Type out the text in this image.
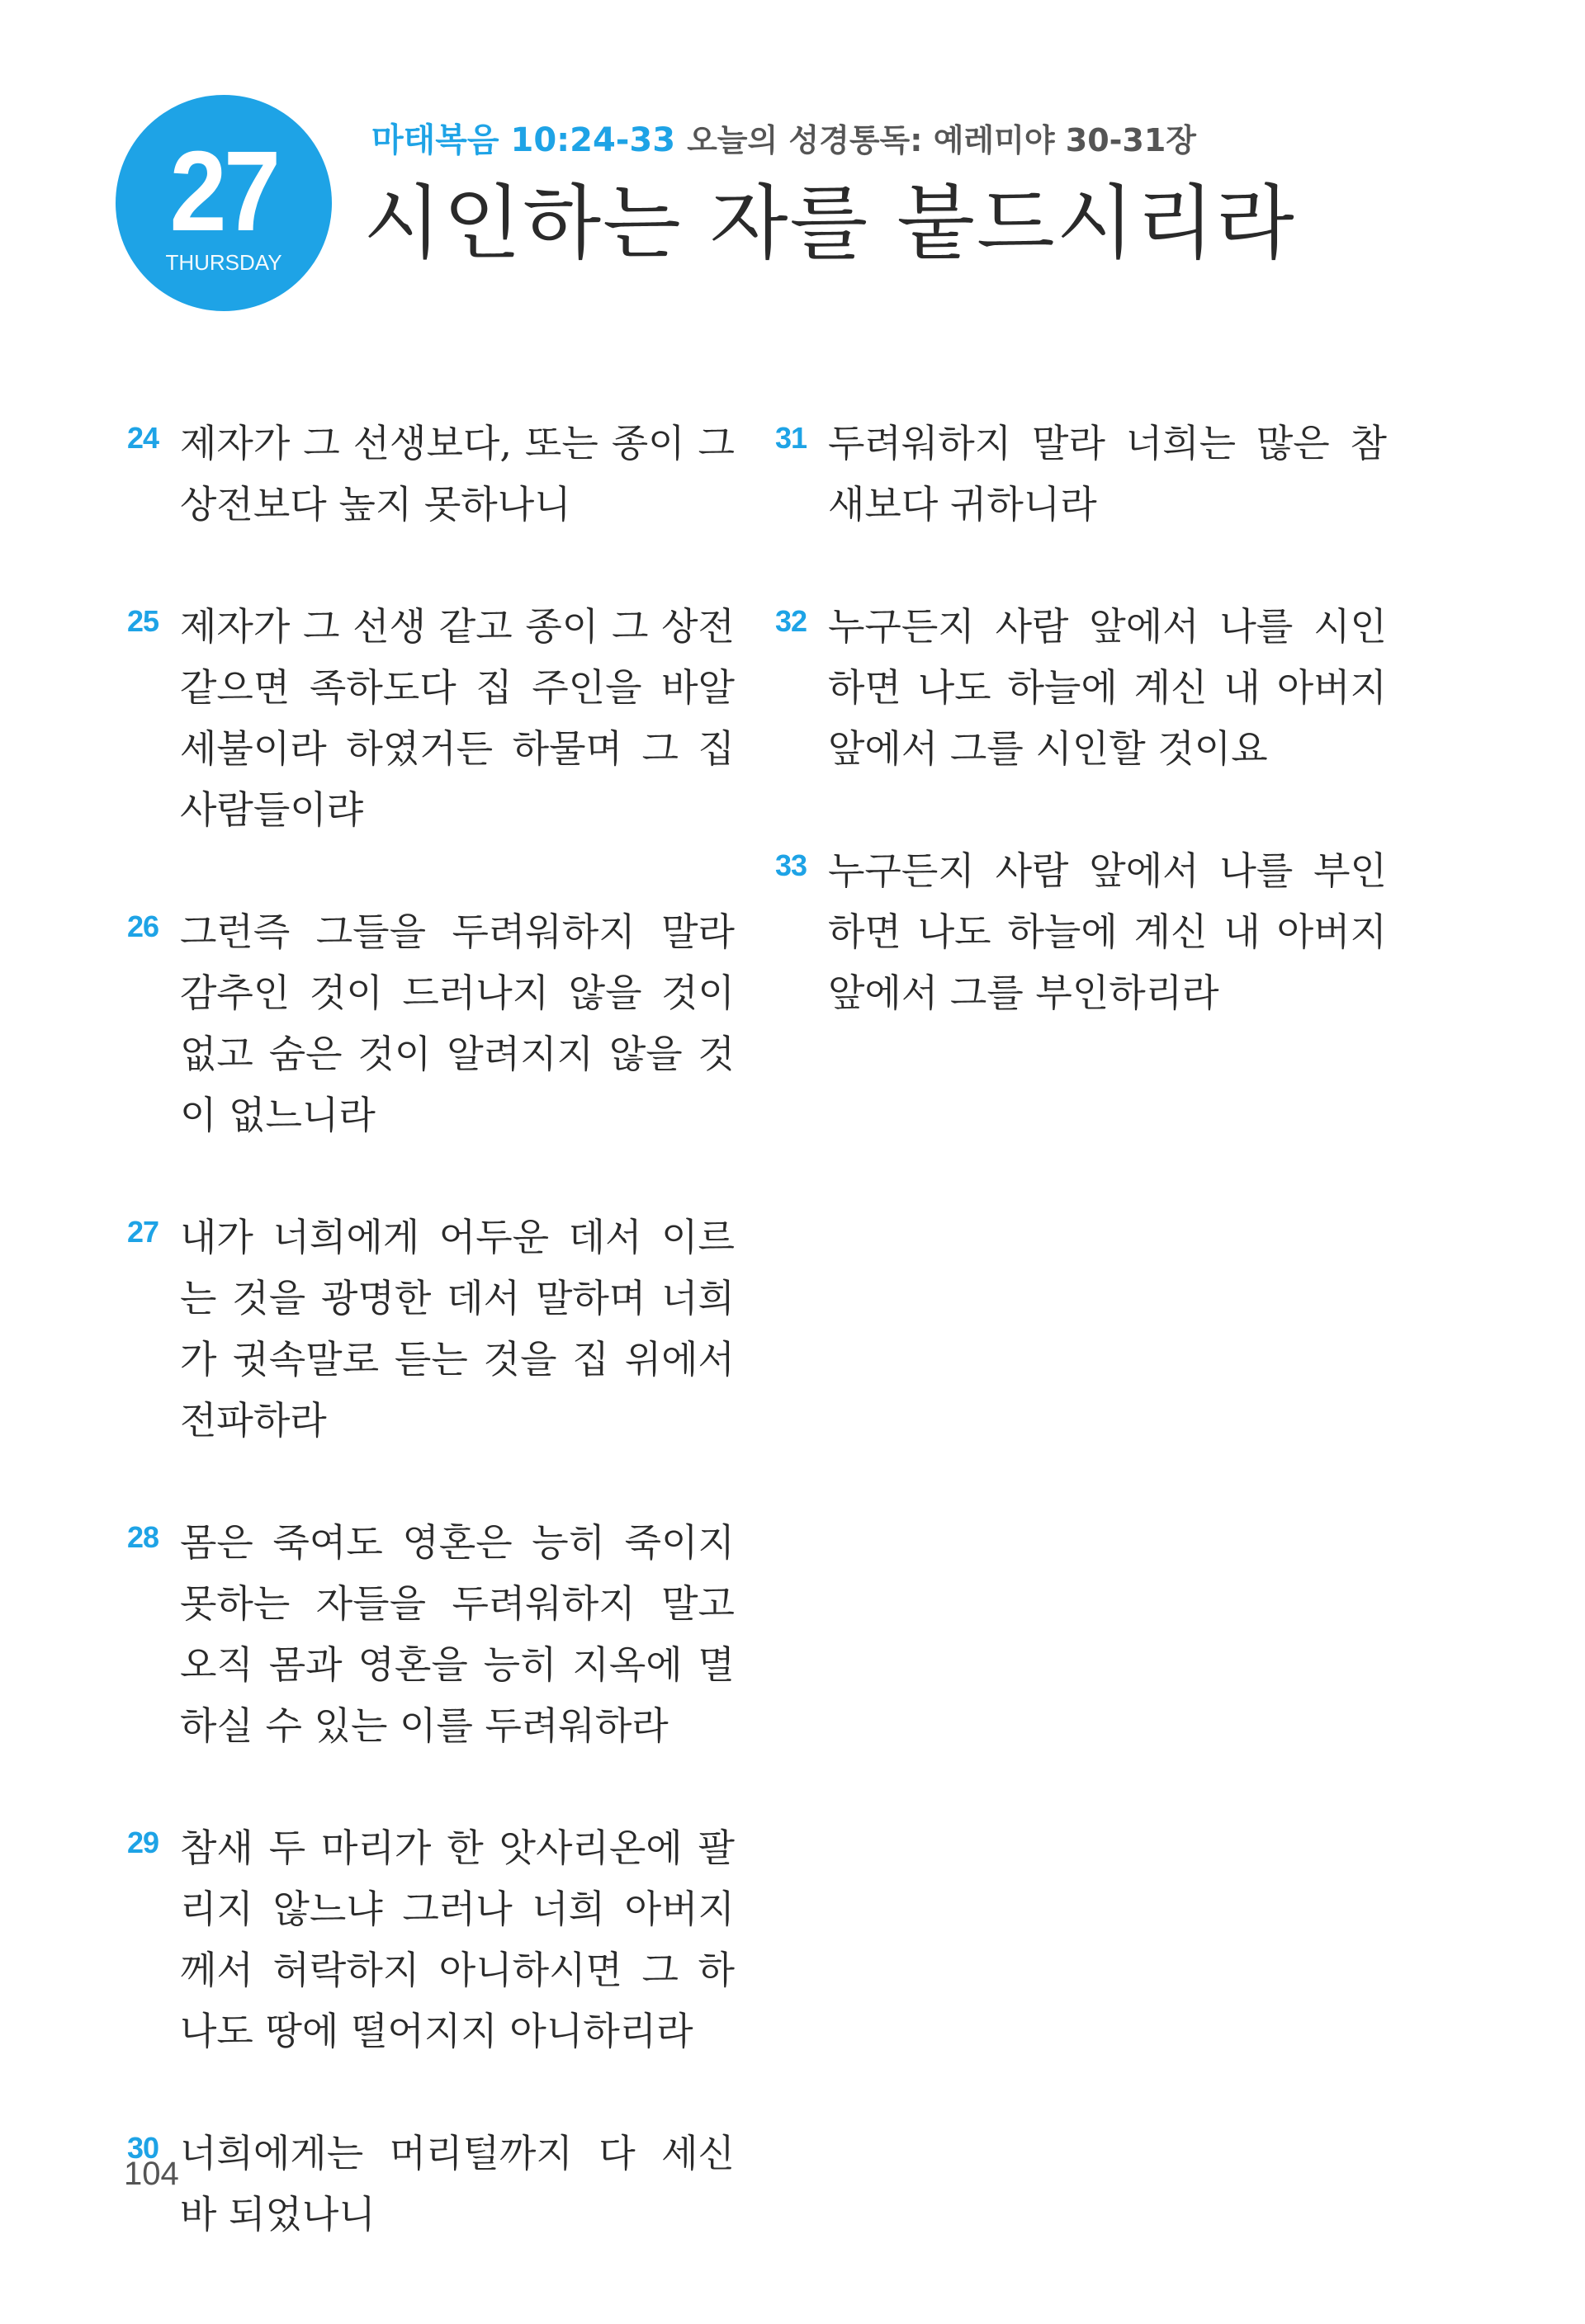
27
THURSDAY
마태복음 10:24-33 오늘의 성경통독: 예레미야 30-31장
시인하는 자를 붙드시리라
24 제자가 그 선생보다, 또는 종이 그 상전보다 높지 못하나니
25 제자가 그 선생 같고 종이 그 상전 같으면 족하도다 집 주인을 바알세불이라 하였거든 하물며 그 집 사람들이랴
26 그런즉 그들을 두려워하지 말라 감추인 것이 드러나지 않을 것이 없고 숨은 것이 알려지지 않을 것이 없느니라
27 내가 너희에게 어두운 데서 이르는 것을 광명한 데서 말하며 너희가 귓속말로 듣는 것을 집 위에서 전파하라
28 몸은 죽여도 영혼은 능히 죽이지 못하는 자들을 두려워하지 말고 오직 몸과 영혼을 능히 지옥에 멸하실 수 있는 이를 두려워하라
29 참새 두 마리가 한 앗사리온에 팔리지 않느냐 그러나 너희 아버지께서 허락하지 아니하시면 그 하나도 땅에 떨어지지 아니하리라
30 너희에게는 머리털까지 다 세신 바 되었나니
31 두려워하지 말라 너희는 많은 참새보다 귀하니라
32 누구든지 사람 앞에서 나를 시인하면 나도 하늘에 계신 내 아버지 앞에서 그를 시인할 것이요
33 누구든지 사람 앞에서 나를 부인하면 나도 하늘에 계신 내 아버지 앞에서 그를 부인하리라
104
